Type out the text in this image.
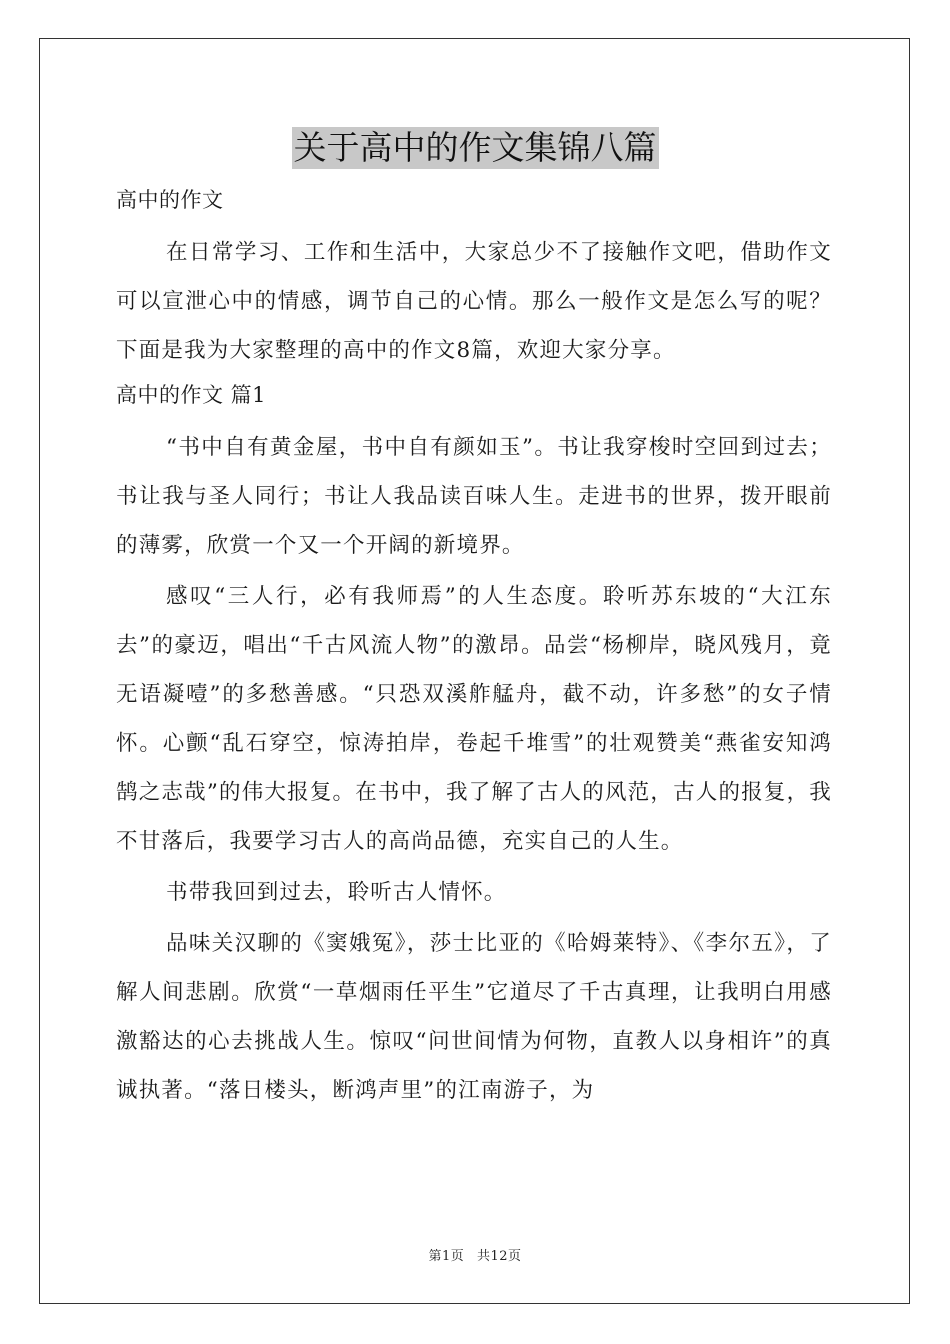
关于高中的作文集锦八篇

高中的作文

在日常学习、工作和生活中，大家总少不了接触作文吧，借助作文可以宣泄心中的情感，调节自己的心情。那么一般作文是怎么写的呢？下面是我为大家整理的高中的作文8篇，欢迎大家分享。

高中的作文 篇1

“书中自有黄金屋，书中自有颜如玉”。书让我穿梭时空回到过去；书让我与圣人同行；书让人我品读百味人生。走进书的世界，拨开眼前的薄雾，欣赏一个又一个开阔的新境界。

感叹“三人行，必有我师焉”的人生态度。聆听苏东坡的“大江东去”的豪迈，唱出“千古风流人物”的激昂。品尝“杨柳岸，晓风残月，竟无语凝噎”的多愁善感。“只恐双溪舴艋舟，截不动，许多愁”的女子情怀。心颤“乱石穿空，惊涛拍岸，卷起千堆雪”的壮观赞美“燕雀安知鸿鹄之志哉”的伟大报复。在书中，我了解了古人的风范，古人的报复，我不甘落后，我要学习古人的高尚品德，充实自己的人生。

书带我回到过去，聆听古人情怀。

品味关汉聊的《窦娥冤》，莎士比亚的《哈姆莱特》、《李尔五》，了解人间悲剧。欣赏“一草烟雨任平生”它道尽了千古真理，让我明白用感激豁达的心去挑战人生。惊叹“问世间情为何物，直教人以身相许”的真诚执著。“落日楼头，断鸿声里”的江南游子，为

第1页 共12页
